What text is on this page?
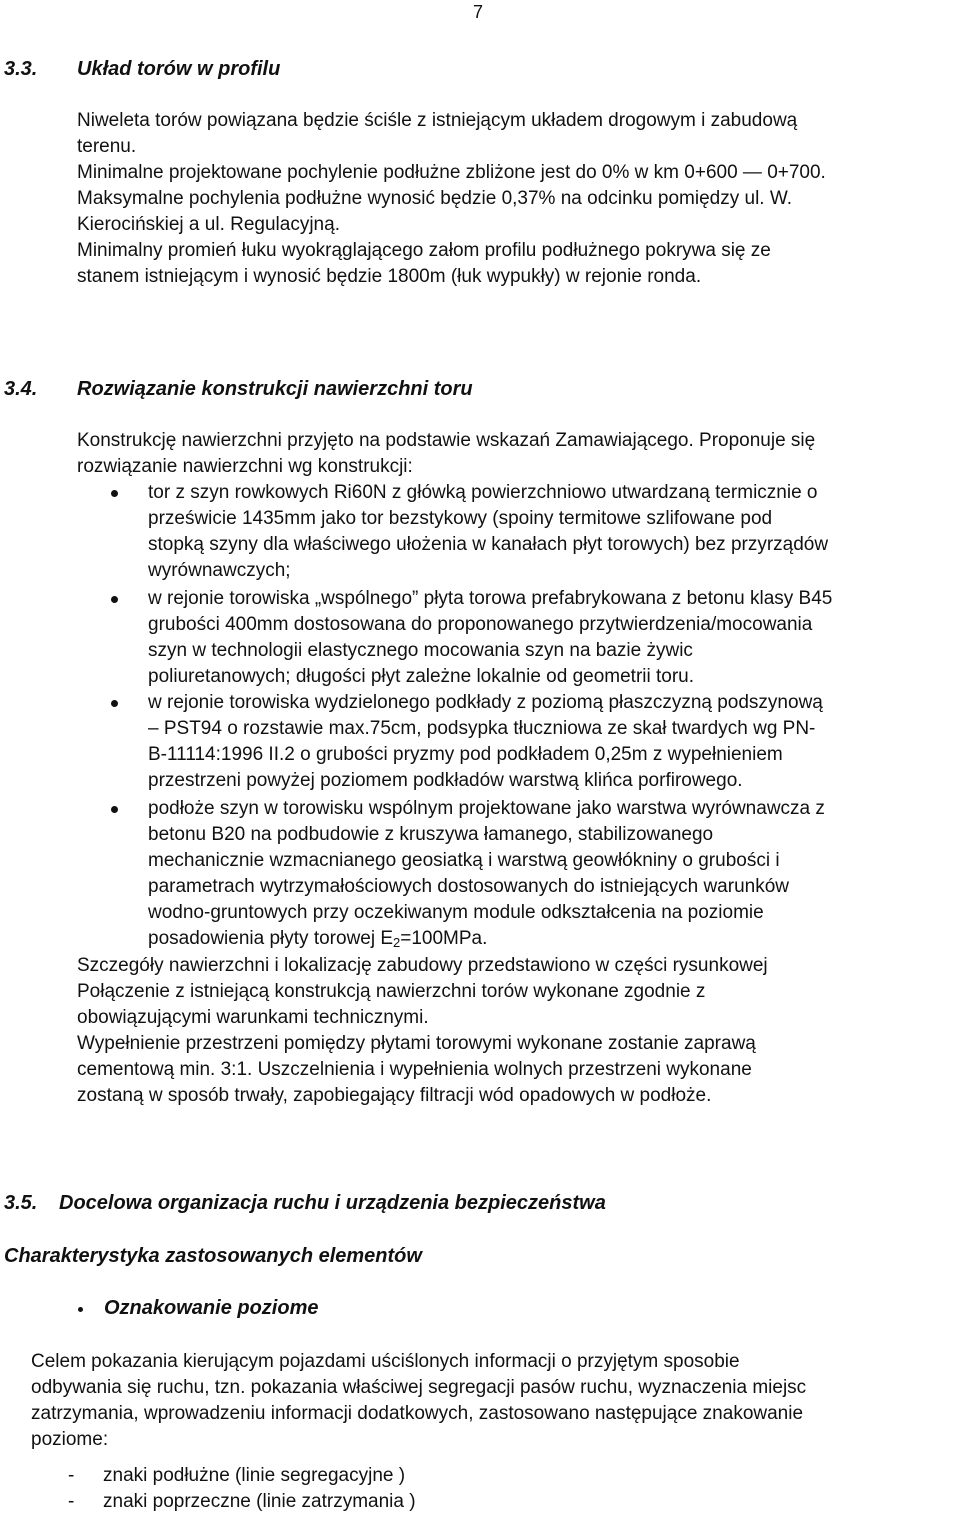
7
3.3. Układ torów w profilu
Niweleta torów powiązana będzie ściśle z istniejącym układem drogowym i zabudową
terenu.
Minimalne projektowane pochylenie podłużne zbliżone jest do 0% w km 0+600 — 0+700.
Maksymalne pochylenia podłużne wynosić będzie 0,37% na odcinku pomiędzy ul. W.
Kierocińskiej a ul. Regulacyjną.
Minimalny promień łuku wyokrąglającego załom profilu podłużnego pokrywa się ze
stanem istniejącym i wynosić będzie 1800m (łuk wypukły) w rejonie ronda.
3.4. Rozwiązanie konstrukcji nawierzchni toru
Konstrukcję nawierzchni przyjęto na podstawie wskazań Zamawiającego. Proponuje się
rozwiązanie nawierzchni wg konstrukcji:
tor z szyn rowkowych Ri60N z główką powierzchniowo utwardzaną termicznie o
prześwicie 1435mm jako tor bezstykowy (spoiny termitowe szlifowane pod
stopką szyny dla właściwego ułożenia w kanałach płyt torowych) bez przyrządów
wyrównawczych;
w rejonie torowiska „wspólnego” płyta torowa prefabrykowana z betonu klasy B45
grubości 400mm dostosowana do proponowanego przytwierdzenia/mocowania
szyn w technologii elastycznego mocowania szyn na bazie żywic
poliuretanowych; długości płyt zależne lokalnie od geometrii toru.
w rejonie torowiska wydzielonego podkłady z poziomą płaszczyzną podszynową
– PST94 o rozstawie max.75cm, podsypka tłuczniowa ze skał twardych wg PN-
B-11114:1996 II.2 o grubości pryzmy pod podkładem 0,25m z wypełnieniem
przestrzeni powyżej poziomem podkładów warstwą klińca porfirowego.
podłoże szyn w torowisku wspólnym projektowane jako warstwa wyrównawcza z
betonu B20 na podbudowie z kruszywa łamanego, stabilizowanego
mechanicznie wzmacnianego geosiatką i warstwą geowłókniny o grubości i
parametrach wytrzymałościowych dostosowanych do istniejących warunków
wodno-gruntowych przy oczekiwanym module odkształcenia na poziomie
posadowienia płyty torowej $E_2=100MPa$.
Szczegóły nawierzchni i lokalizację zabudowy przedstawiono w części rysunkowej
Połączenie z istniejącą konstrukcją nawierzchni torów wykonane zgodnie z
obowiązującymi warunkami technicznymi.
Wypełnienie przestrzeni pomiędzy płytami torowymi wykonane zostanie zaprawą
cementową min. 3:1. Uszczelnienia i wypełnienia wolnych przestrzeni wykonane
zostaną w sposób trwały, zapobiegający filtracji wód opadowych w podłoże.
3.5. Docelowa organizacja ruchu i urządzenia bezpieczeństwa
Charakterystyka zastosowanych elementów
Oznakowanie poziome
Celem pokazania kierującym pojazdami uściślonych informacji o przyjętym sposobie
odbywania się ruchu, tzn. pokazania właściwej segregacji pasów ruchu, wyznaczenia miejsc
zatrzymania, wprowadzeniu informacji dodatkowych, zastosowano następujące znakowanie
poziome:
- znaki podłużne (linie segregacyjne )
- znaki poprzeczne (linie zatrzymania )
